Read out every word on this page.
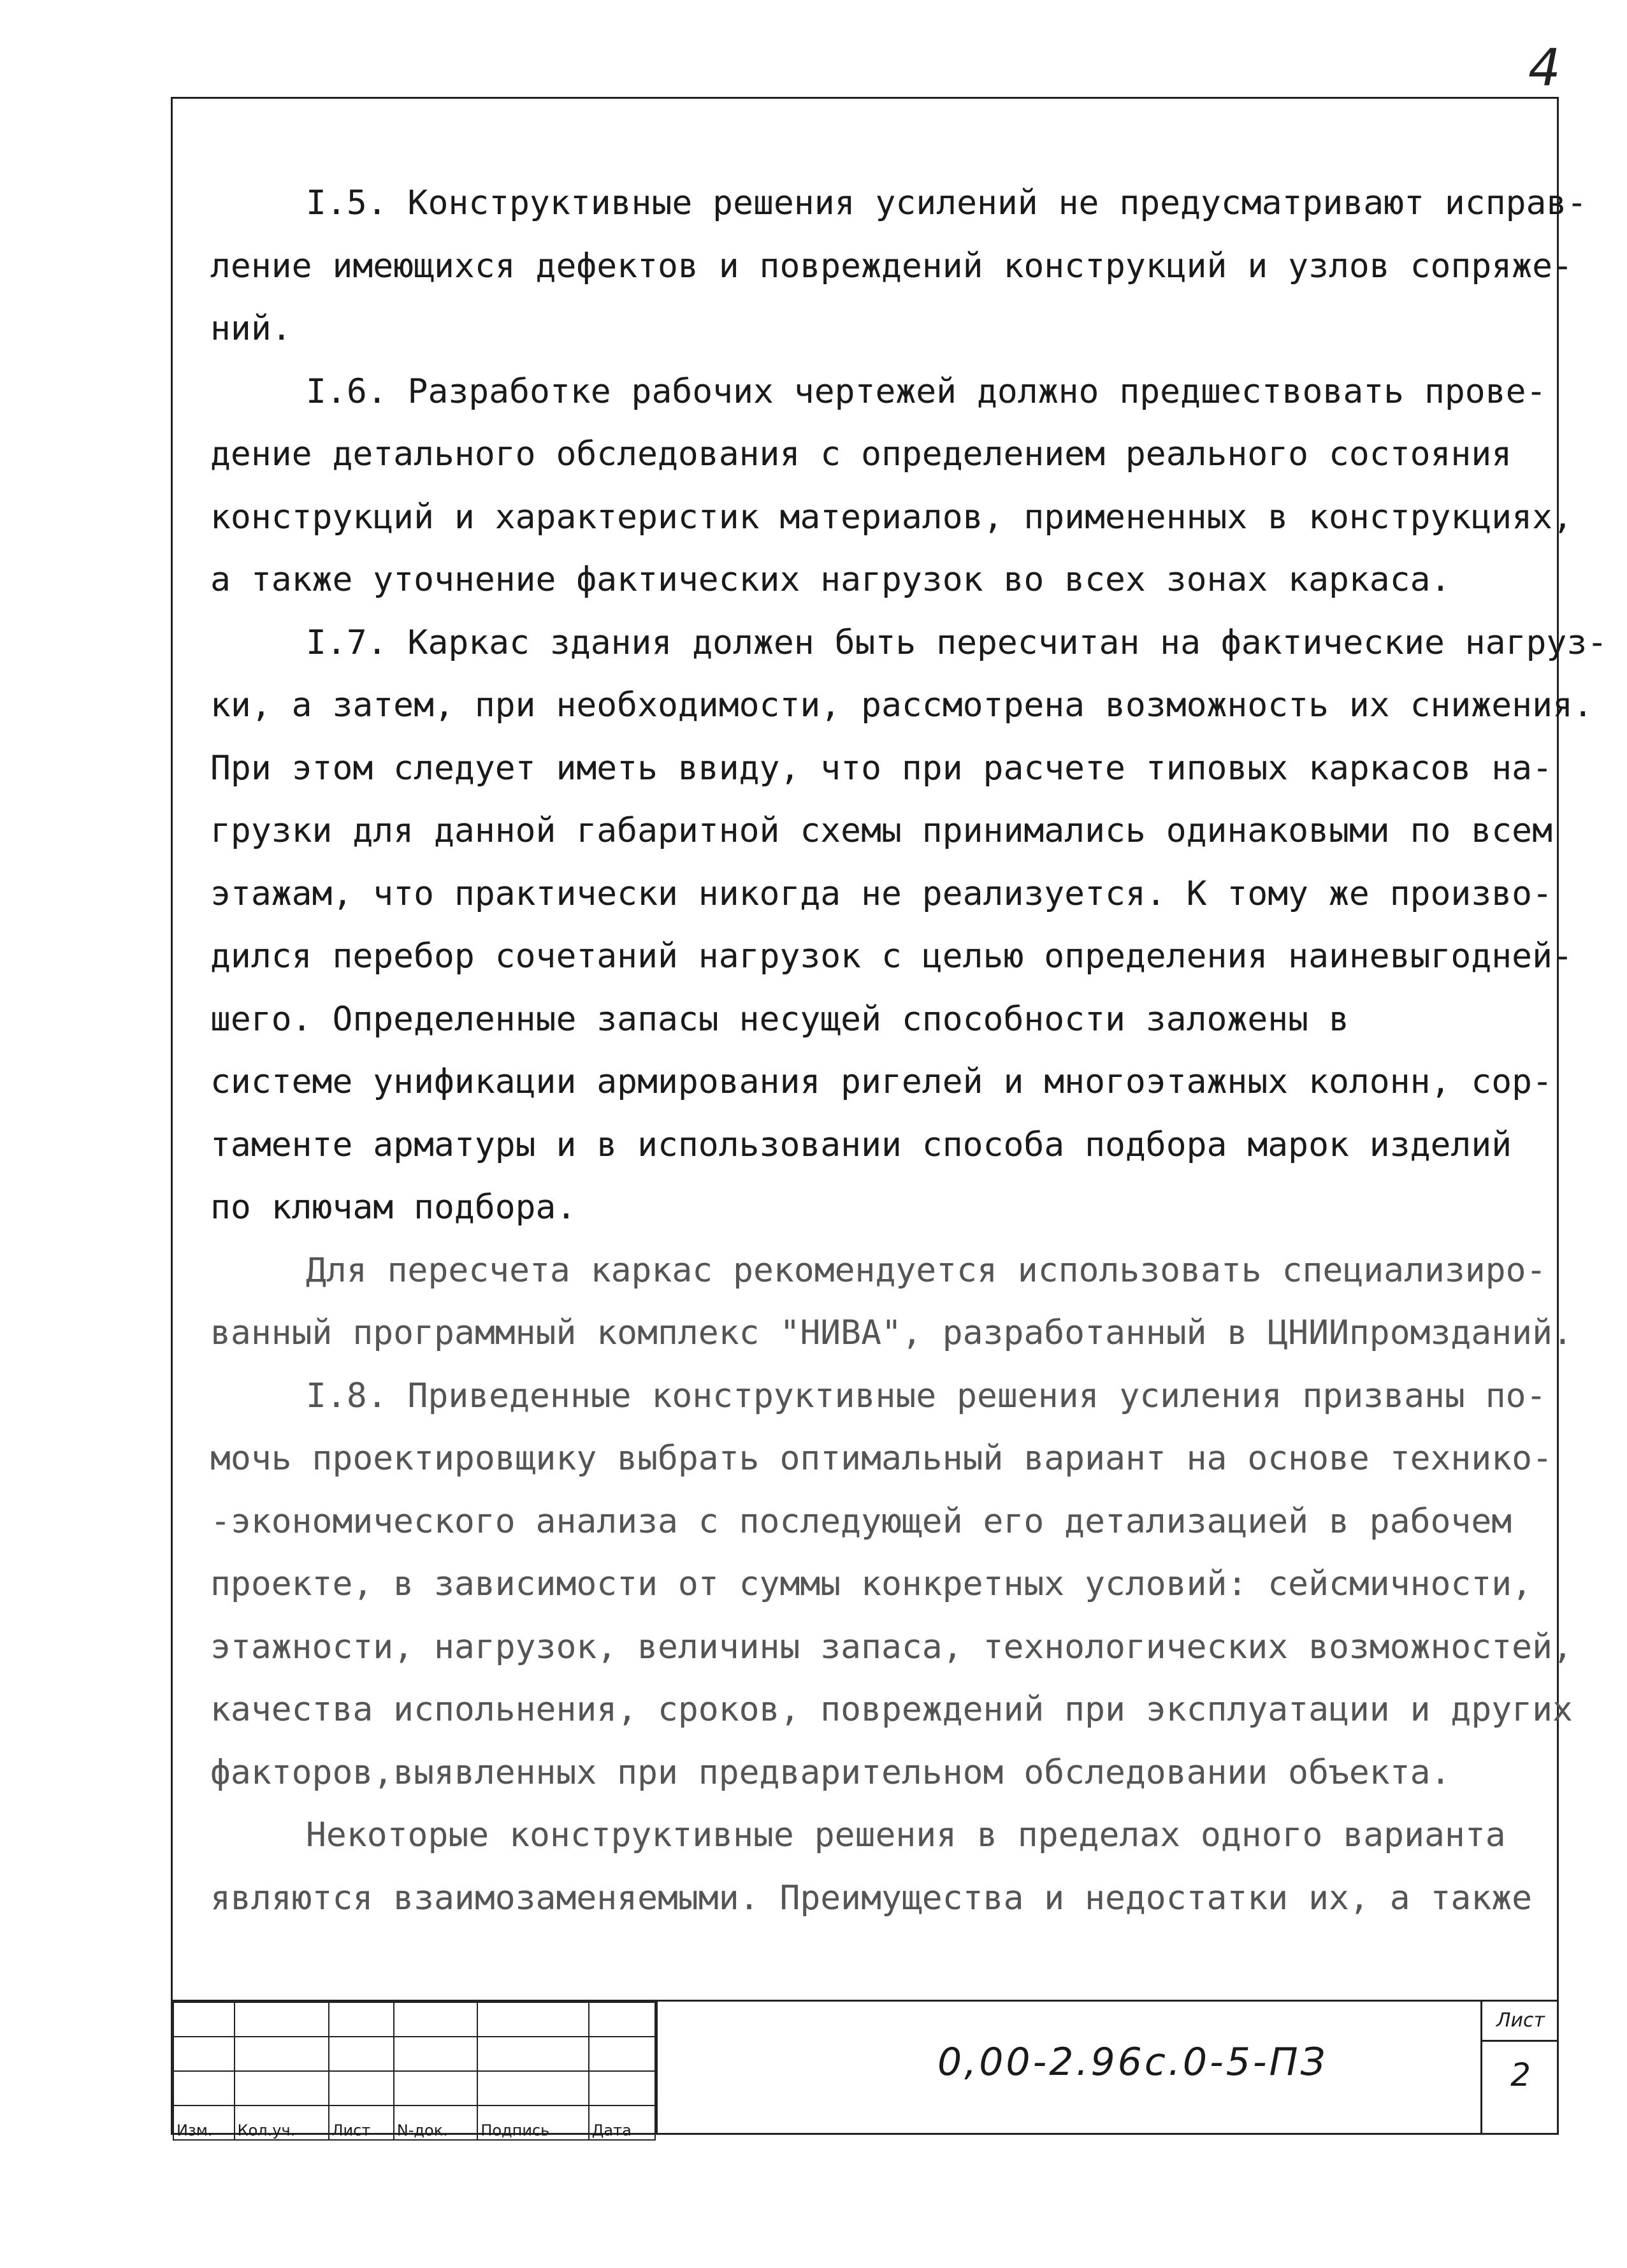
4
I.5. Конструктивные решения усилений не предусматривают исправ-
ление имеющихся дефектов и повреждений конструкций и узлов сопряже-
ний.
I.6. Разработке рабочих чертежей должно предшествовать прове-
дение детального обследования с определением реального состояния
конструкций и характеристик материалов, примененных в конструкциях,
а также уточнение фактических нагрузок во всех зонах каркаса.
I.7. Каркас здания должен быть пересчитан на фактические нагруз-
ки, а затем, при необходимости, рассмотрена возможность их снижения.
При этом следует иметь ввиду, что при расчете типовых каркасов на-
грузки для данной габаритной схемы принимались одинаковыми по всем
этажам, что практически никогда не реализуется. К тому же произво-
дился перебор сочетаний нагрузок с целью определения наиневыгодней-
шего. Определенные запасы несущей способности заложены в
системе унификации армирования ригелей и многоэтажных колонн, сор-
таменте арматуры и в использовании способа подбора марок изделий
по ключам подбора.
Для пересчета каркас рекомендуется использовать специализиро-
ванный программный комплекс "НИВА", разработанный в ЦНИИпромзданий.
I.8. Приведенные конструктивные решения усиления призваны по-
мочь проектировщику выбрать оптимальный вариант на основе технико-
-экономического анализа с последующей его детализацией в рабочем
проекте, в зависимости от суммы конкретных условий: сейсмичности,
этажности, нагрузок, величины запаса, технологических возможностей,
качества испольнения, сроков, повреждений при эксплуатации и других
факторов,выявленных при предварительном обследовании объекта.
Некоторые конструктивные решения в пределах одного варианта
являются взаимозаменяемыми. Преимущества и недостатки их, а также

Изм.	Кол.уч.	Лист	N-док.	Подпись	Дата
0,00-2.96с.0-5-ПЗ
Лист
2
